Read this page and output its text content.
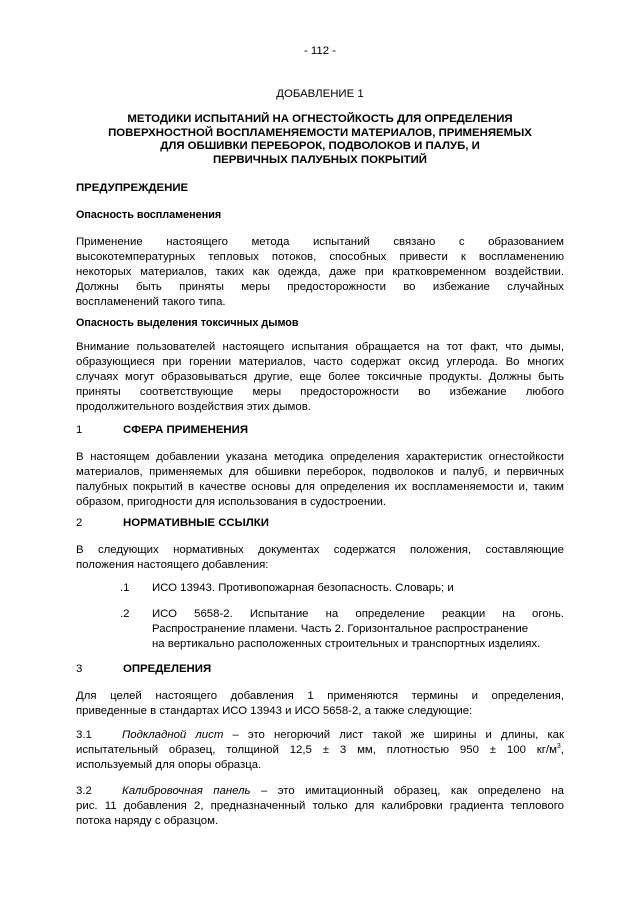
- 112 -
ДОБАВЛЕНИЕ 1
МЕТОДИКИ ИСПЫТАНИЙ НА ОГНЕСТОЙКОСТЬ ДЛЯ ОПРЕДЕЛЕНИЯ
ПОВЕРХНОСТНОЙ ВОСПЛАМЕНЯЕМОСТИ МАТЕРИАЛОВ, ПРИМЕНЯЕМЫХ
ДЛЯ ОБШИВКИ ПЕРЕБОРОК, ПОДВОЛОКОВ И ПАЛУБ, И
ПЕРВИЧНЫХ ПАЛУБНЫХ ПОКРЫТИЙ
ПРЕДУПРЕЖДЕНИЕ
Опасность воспламенения
Применение настоящего метода испытаний связано с образованием
высокотемпературных тепловых потоков, способных привести к воспламенению
некоторых материалов, таких как одежда, даже при кратковременном воздействии.
Должны быть приняты меры предосторожности во избежание случайных
воспламенений такого типа.
Опасность выделения токсичных дымов
Внимание пользователей настоящего испытания обращается на тот факт, что дымы,
образующиеся при горении материалов, часто содержат оксид углерода. Во многих
случаях могут образовываться другие, еще более токсичные продукты. Должны быть
приняты соответствующие меры предосторожности во избежание любого
продолжительного воздействия этих дымов.
1	СФЕРА ПРИМЕНЕНИЯ
В настоящем добавлении указана методика определения характеристик огнестойкости
материалов, применяемых для обшивки переборок, подволоков и палуб, и первичных
палубных покрытий в качестве основы для определения их воспламеняемости и, таким
образом, пригодности для использования в судостроении.
2	НОРМАТИВНЫЕ ССЫЛКИ
В следующих нормативных документах содержатся положения, составляющие
положения настоящего добавления:
.1 ИСО 13943. Противопожарная безопасность. Словарь; и
.2 ИСО 5658-2. Испытание на определение реакции на огонь.
Распространение пламени. Часть 2. Горизонтальное распространение
на вертикально расположенных строительных и транспортных изделиях.
3	ОПРЕДЕЛЕНИЯ
Для целей настоящего добавления 1 применяются термины и определения,
приведенные в стандартах ИСО 13943 и ИСО 5658-2, а также следующие:
3.1	Подкладной лист – это негорючий лист такой же ширины и длины, как
испытательный образец, толщиной 12,5 ± 3 мм, плотностью 950 ± 100 $кг/м^3$,
используемый для опоры образца.
3.2	Калибровочная панель – это имитационный образец, как определено на
рис. 11 добавления 2, предназначенный только для калибровки градиента теплового
потока наряду с образцом.
